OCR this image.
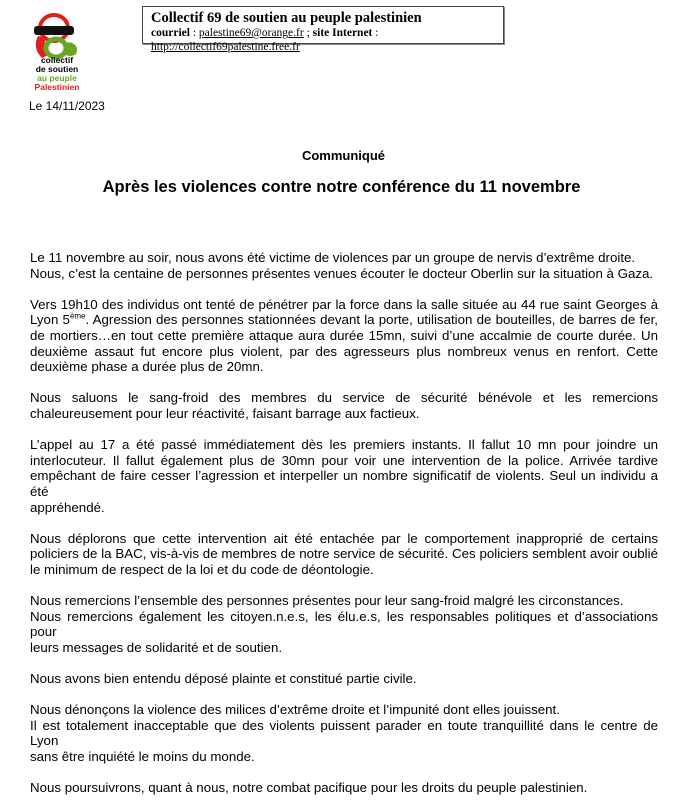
collectif
de soutien
au peuple
Palestinien
Le 14/11/2023
Collectif 69 de soutien au peuple palestinien
courriel : palestine69@orange.fr ; site Internet : http://collectif69palestine.free.fr
Communiqué
Après les violences contre notre conférence du 11 novembre
Le 11 novembre au soir, nous avons été victime de violences par un groupe de nervis d’extrême droite.
Nous, c’est la centaine de personnes présentes venues écouter le docteur Oberlin sur la situation à Gaza.
Vers 19h10 des individus ont tenté de pénétrer par la force dans la salle située au 44 rue saint Georges à
Lyon 5ème. Agression des personnes stationnées devant la porte, utilisation de bouteilles, de barres de fer,
de mortiers…en tout cette première attaque aura durée 15mn, suivi d’une accalmie de courte durée. Un
deuxième assaut fut encore plus violent, par des agresseurs plus nombreux venus en renfort. Cette
deuxième phase a durée plus de 20mn.
Nous saluons le sang-froid des membres du service de sécurité bénévole et les remercions
chaleureusement pour leur réactivité, faisant barrage aux factieux.
L’appel au 17 a été passé immédiatement dès les premiers instants. Il fallut 10 mn pour joindre un
interlocuteur. Il fallut également plus de 30mn pour voir une intervention de la police. Arrivée tardive
empêchant de faire cesser l’agression et interpeller un nombre significatif de violents. Seul un individu a été
appréhendé.
Nous déplorons que cette intervention ait été entachée par le comportement inapproprié de certains
policiers de la BAC, vis-à-vis de membres de notre service de sécurité. Ces policiers semblent avoir oublié
le minimum de respect de la loi et du code de déontologie.
Nous remercions l’ensemble des personnes présentes pour leur sang-froid malgré les circonstances.
Nous remercions également les citoyen.n.e.s, les élu.e.s, les responsables politiques et d’associations pour
leurs messages de solidarité et de soutien.
Nous avons bien entendu déposé plainte et constitué partie civile.
Nous dénonçons la violence des milices d’extrême droite et l’impunité dont elles jouissent.
Il est totalement inacceptable que des violents puissent parader en toute tranquillité dans le centre de Lyon
sans être inquiété le moins du monde.
Nous poursuivrons, quant à nous, notre combat pacifique pour les droits du peuple palestinien.
